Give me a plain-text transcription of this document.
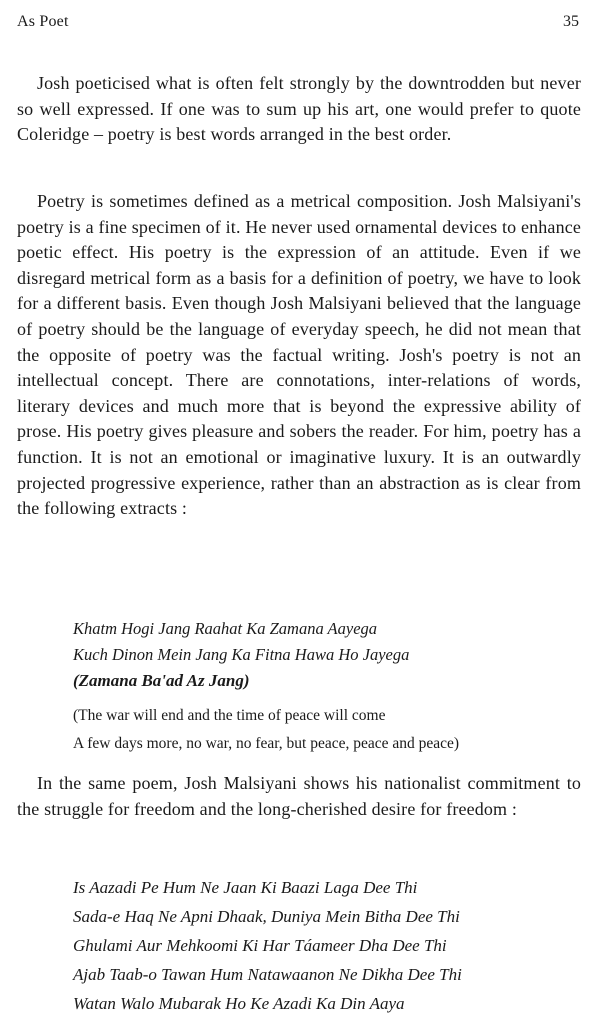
As Poet	35

Josh poeticised what is often felt strongly by the downtrodden but never so well expressed. If one was to sum up his art, one would prefer to quote Coleridge – poetry is best words arranged in the best order.

Poetry is sometimes defined as a metrical composition. Josh Malsiyani's poetry is a fine specimen of it. He never used ornamental devices to enhance poetic effect. His poetry is the expression of an attitude. Even if we disregard metrical form as a basis for a definition of poetry, we have to look for a different basis. Even though Josh Malsiyani believed that the language of poetry should be the language of everyday speech, he did not mean that the opposite of poetry was the factual writing. Josh's poetry is not an intellectual concept. There are connotations, inter-relations of words, literary devices and much more that is beyond the expressive ability of prose. His poetry gives pleasure and sobers the reader. For him, poetry has a function. It is not an emotional or imaginative luxury. It is an outwardly projected progressive experience, rather than an abstraction as is clear from the following extracts :

Khatm Hogi Jang Raahat Ka Zamana Aayega
Kuch Dinon Mein Jang Ka Fitna Hawa Ho Jayega
(Zamana Ba'ad Az Jang)
(The war will end and the time of peace will come
A few days more, no war, no fear, but peace, peace and peace)

In the same poem, Josh Malsiyani shows his nationalist commitment to the struggle for freedom and the long-cherished desire for freedom :

Is Aazadi Pe Hum Ne Jaan Ki Baazi Laga Dee Thi
Sada-e Haq Ne Apni Dhaak, Duniya Mein Bitha Dee Thi
Ghulami Aur Mehkoomi Ki Har Táameer Dha Dee Thi
Ajab Taab-o Tawan Hum Natawaanon Ne Dikha Dee Thi
Watan Walo Mubarak Ho Ke Azadi Ka Din Aaya
